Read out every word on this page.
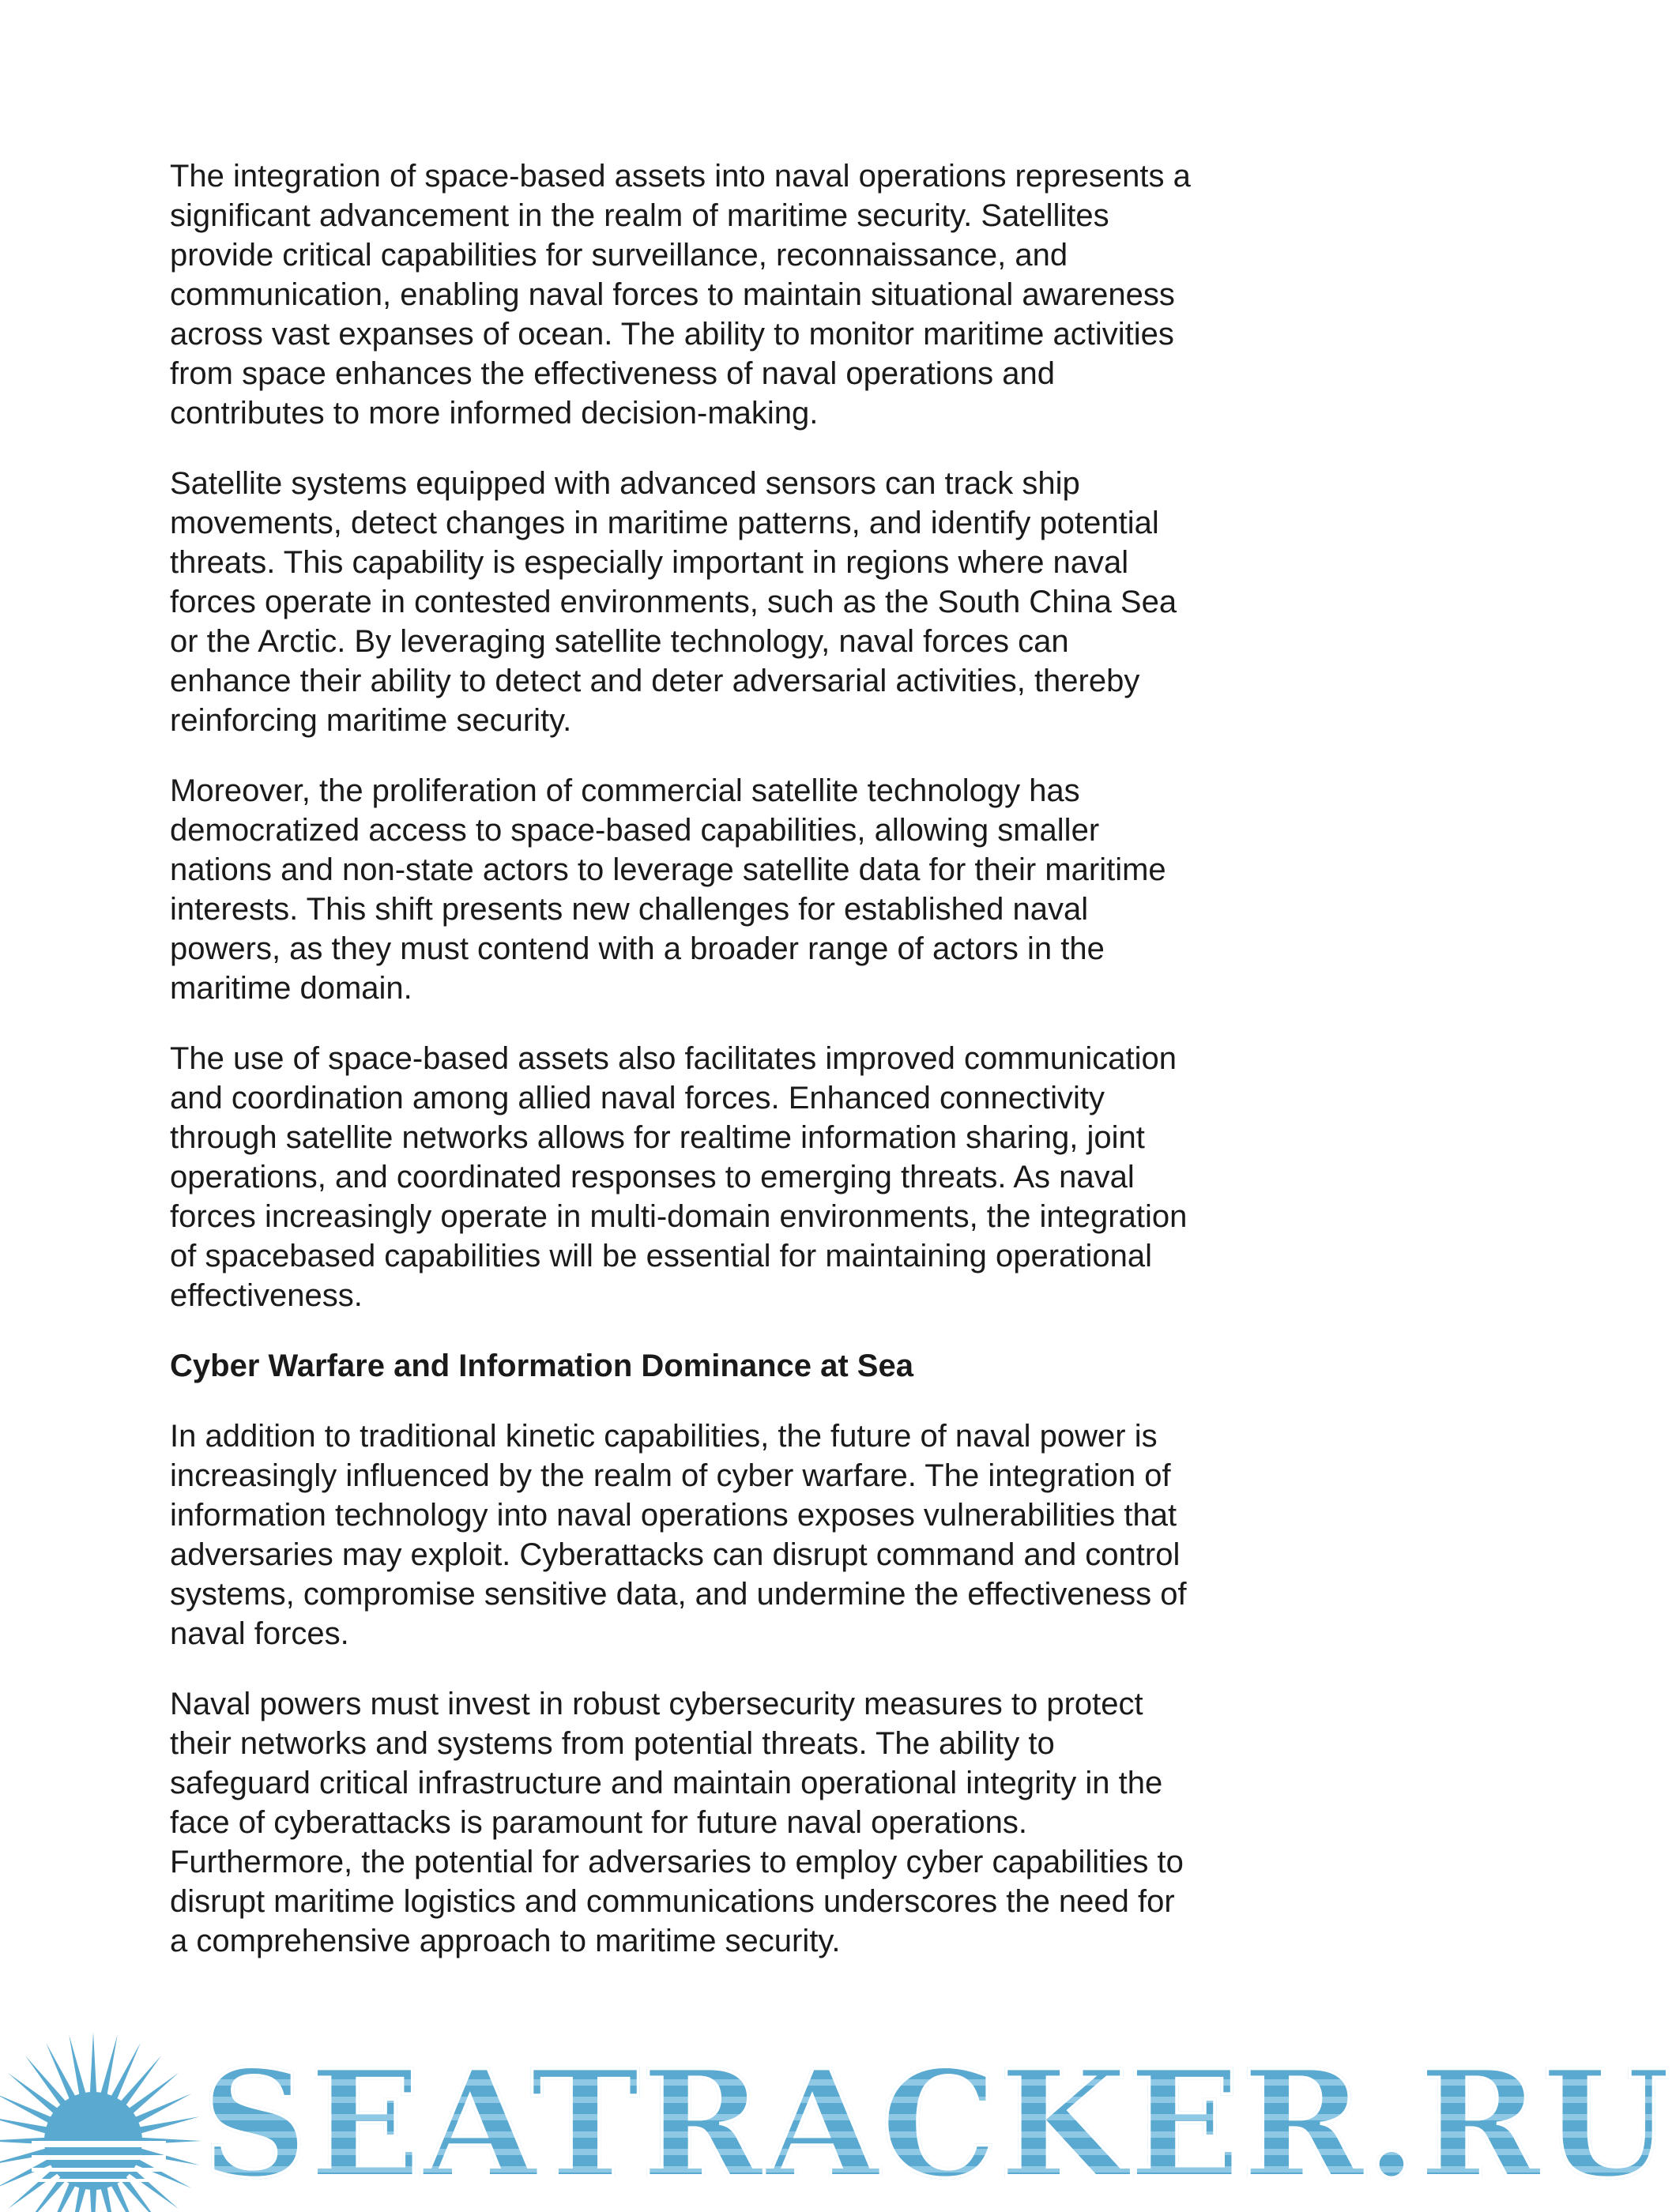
The integration of space-based assets into naval operations represents a significant advancement in the realm of maritime security. Satellites provide critical capabilities for surveillance, reconnaissance, and communication, enabling naval forces to maintain situational awareness across vast expanses of ocean. The ability to monitor maritime activities from space enhances the effectiveness of naval operations and contributes to more informed decision-making.

Satellite systems equipped with advanced sensors can track ship movements, detect changes in maritime patterns, and identify potential threats. This capability is especially important in regions where naval forces operate in contested environments, such as the South China Sea or the Arctic. By leveraging satellite technology, naval forces can enhance their ability to detect and deter adversarial activities, thereby reinforcing maritime security.

Moreover, the proliferation of commercial satellite technology has democratized access to space-based capabilities, allowing smaller nations and non-state actors to leverage satellite data for their maritime interests. This shift presents new challenges for established naval powers, as they must contend with a broader range of actors in the maritime domain.

The use of space-based assets also facilitates improved communication and coordination among allied naval forces. Enhanced connectivity through satellite networks allows for realtime information sharing, joint operations, and coordinated responses to emerging threats. As naval forces increasingly operate in multi-domain environments, the integration of spacebased capabilities will be essential for maintaining operational effectiveness.

Cyber Warfare and Information Dominance at Sea

In addition to traditional kinetic capabilities, the future of naval power is increasingly influenced by the realm of cyber warfare. The integration of information technology into naval operations exposes vulnerabilities that adversaries may exploit. Cyberattacks can disrupt command and control systems, compromise sensitive data, and undermine the effectiveness of naval forces.

Naval powers must invest in robust cybersecurity measures to protect their networks and systems from potential threats. The ability to safeguard critical infrastructure and maintain operational integrity in the face of cyberattacks is paramount for future naval operations. Furthermore, the potential for adversaries to employ cyber capabilities to disrupt maritime logistics and communications underscores the need for a comprehensive approach to maritime security.

SEATRACKER.RU
